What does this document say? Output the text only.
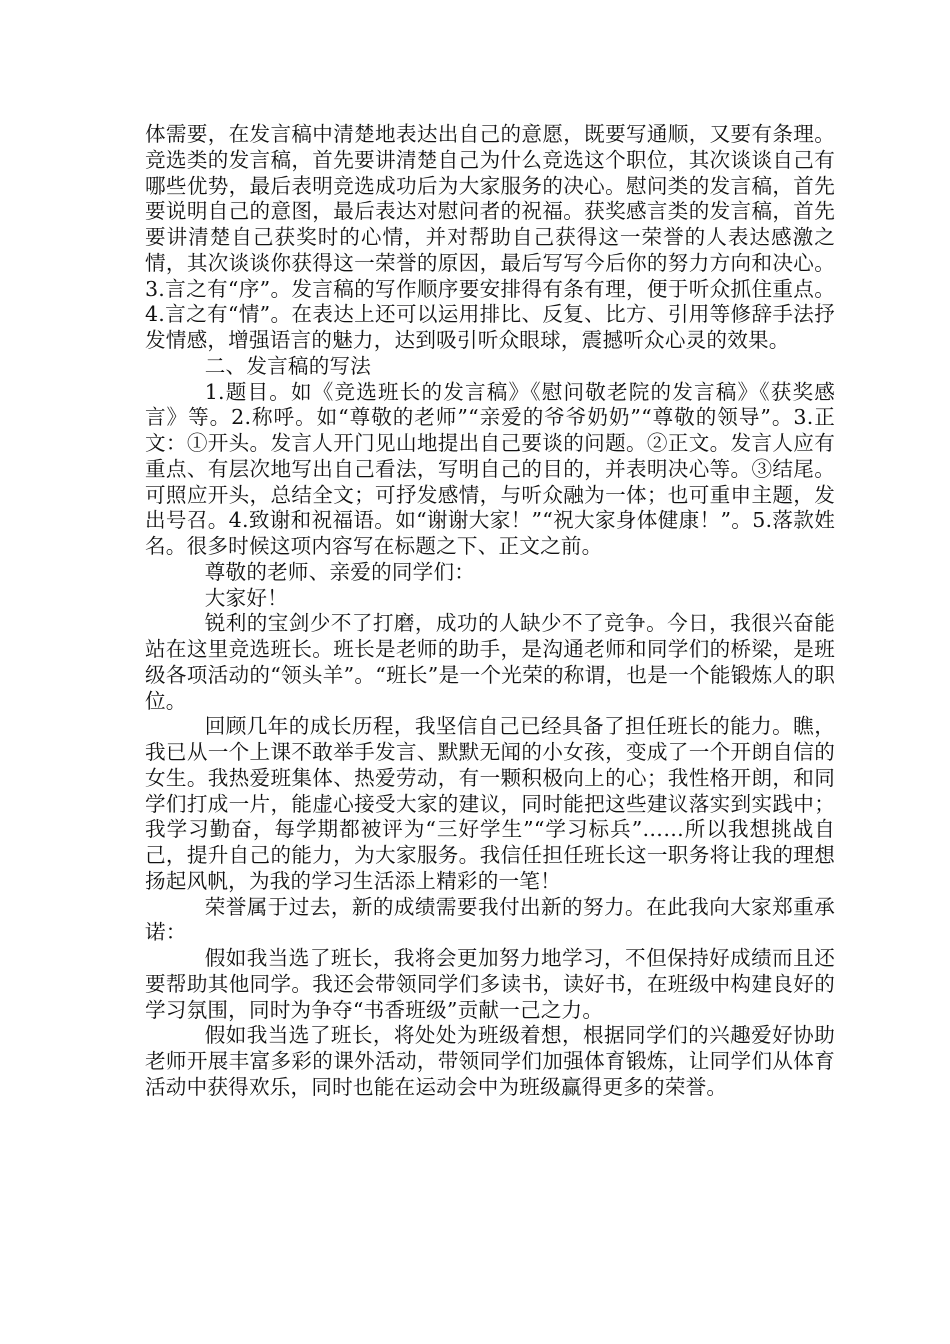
体需要，在发言稿中清楚地表达出自己的意愿，既要写通顺，又要有条理。竞选类的发言稿，首先要讲清楚自己为什么竞选这个职位，其次谈谈自己有哪些优势，最后表明竞选成功后为大家服务的决心。慰问类的发言稿，首先要说明自己的意图，最后表达对慰问者的祝福。获奖感言类的发言稿，首先要讲清楚自己获奖时的心情，并对帮助自己获得这一荣誉的人表达感激之情，其次谈谈你获得这一荣誉的原因，最后写写今后你的努力方向和决心。3.言之有“序”。发言稿的写作顺序要安排得有条有理，便于听众抓住重点。4.言之有“情”。在表达上还可以运用排比、反复、比方、引用等修辞手法抒发情感，增强语言的魅力，达到吸引听众眼球，震撼听众心灵的效果。

二、发言稿的写法

1.题目。如《竞选班长的发言稿》《慰问敬老院的发言稿》《获奖感言》等。2.称呼。如“尊敬的老师”“亲爱的爷爷奶奶”“尊敬的领导”。3.正文：①开头。发言人开门见山地提出自己要谈的问题。②正文。发言人应有重点、有层次地写出自己看法，写明自己的目的，并表明决心等。③结尾。可照应开头，总结全文；可抒发感情，与听众融为一体；也可重申主题，发出号召。4.致谢和祝福语。如“谢谢大家！”“祝大家身体健康！”。5.落款姓名。很多时候这项内容写在标题之下、正文之前。

尊敬的老师、亲爱的同学们：

大家好！

锐利的宝剑少不了打磨，成功的人缺少不了竞争。今日，我很兴奋能站在这里竞选班长。班长是老师的助手，是沟通老师和同学们的桥梁，是班级各项活动的“领头羊”。“班长”是一个光荣的称谓，也是一个能锻炼人的职位。

回顾几年的成长历程，我坚信自己已经具备了担任班长的能力。瞧，我已从一个上课不敢举手发言、默默无闻的小女孩，变成了一个开朗自信的女生。我热爱班集体、热爱劳动，有一颗积极向上的心；我性格开朗，和同学们打成一片，能虚心接受大家的建议，同时能把这些建议落实到实践中；我学习勤奋，每学期都被评为“三好学生”“学习标兵”……所以我想挑战自己，提升自己的能力，为大家服务。我信任担任班长这一职务将让我的理想扬起风帆，为我的学习生活添上精彩的一笔！

荣誉属于过去，新的成绩需要我付出新的努力。在此我向大家郑重承诺：

假如我当选了班长，我将会更加努力地学习，不但保持好成绩而且还要帮助其他同学。我还会带领同学们多读书，读好书，在班级中构建良好的学习氛围，同时为争夺“书香班级”贡献一己之力。

假如我当选了班长，将处处为班级着想，根据同学们的兴趣爱好协助老师开展丰富多彩的课外活动，带领同学们加强体育锻炼，让同学们从体育活动中获得欢乐，同时也能在运动会中为班级赢得更多的荣誉。
